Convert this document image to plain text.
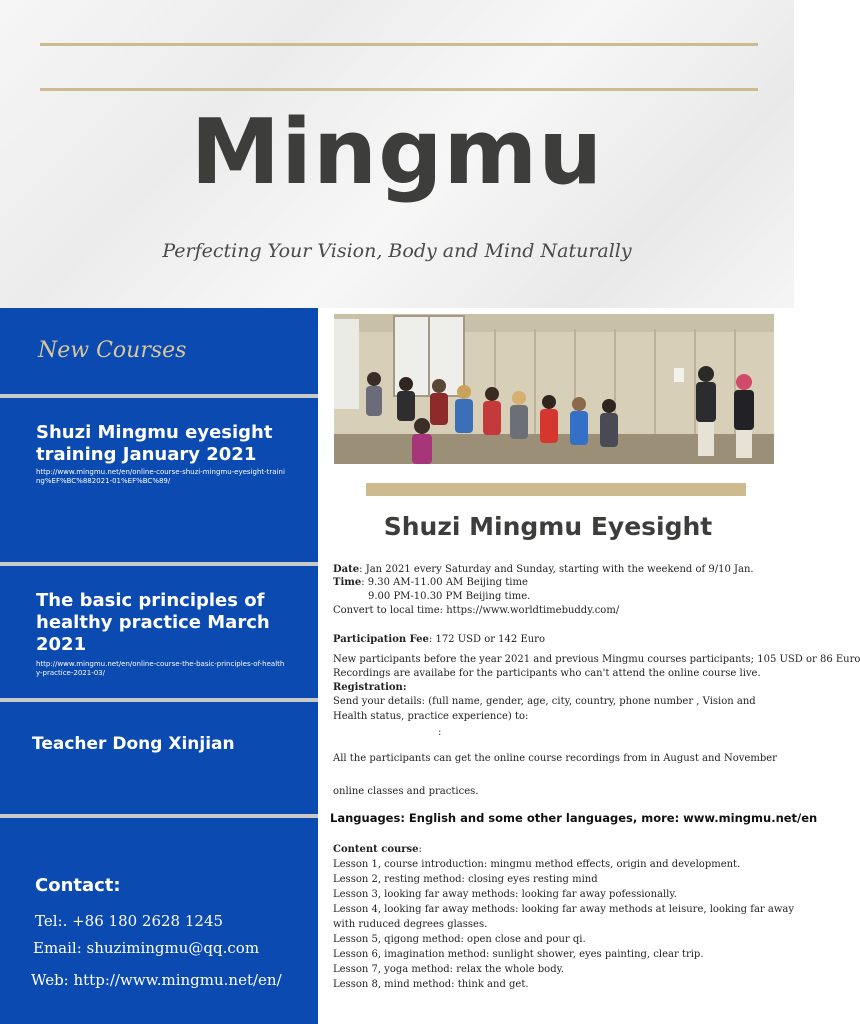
Mingmu
Perfecting Your Vision, Body and Mind Naturally
New Courses
Shuzi Mingmu eyesight training January 2021
http://www.mingmu.net/en/online-course-shuzi-mingmu-eyesight-training%EF%BC%882021-01%EF%BC%89/
The basic principles of healthy practice March 2021
http://www.mingmu.net/en/online-course-the-basic-principles-of-healthy-practice-2021-03/
Teacher Dong Xinjian
Contact:
Tel:. +86 180 2628 1245
Email: shuzimingmu@qq.com
Web: http://www.mingmu.net/en/
Shuzi Mingmu Eyesight
Date: Jan 2021 every Saturday and Sunday, starting with the weekend of 9/10 Jan.
Time: 9.30 AM-11.00 AM Beijing time
9.00 PM-10.30 PM Beijing time.
Convert to local time: https://www.worldtimebuddy.com/
Participation Fee: 172 USD or 142 Euro
New participants before the year 2021 and previous Mingmu courses participants; 105 USD or 86 Euro
Recordings are availabe for the participants who can't attend the online course live.
Registration:
Send your details: (full name, gender, age, city, country, phone number , Vision and
Health status, practice experience) to:
:
All the participants can get the online course recordings from in August and November
online classes and practices.
Languages: English and some other languages, more: www.mingmu.net/en
Content course:
Lesson 1, course introduction: mingmu method effects, origin and development.
Lesson 2, resting method: closing eyes resting mind
Lesson 3, looking far away methods: looking far away pofessionally.
Lesson 4, looking far away methods: looking far away methods at leisure, looking far away
with ruduced degrees glasses.
Lesson 5, qigong method: open close and pour qi.
Lesson 6, imagination method: sunlight shower, eyes painting, clear trip.
Lesson 7, yoga method: relax the whole body.
Lesson 8, mind method: think and get.
